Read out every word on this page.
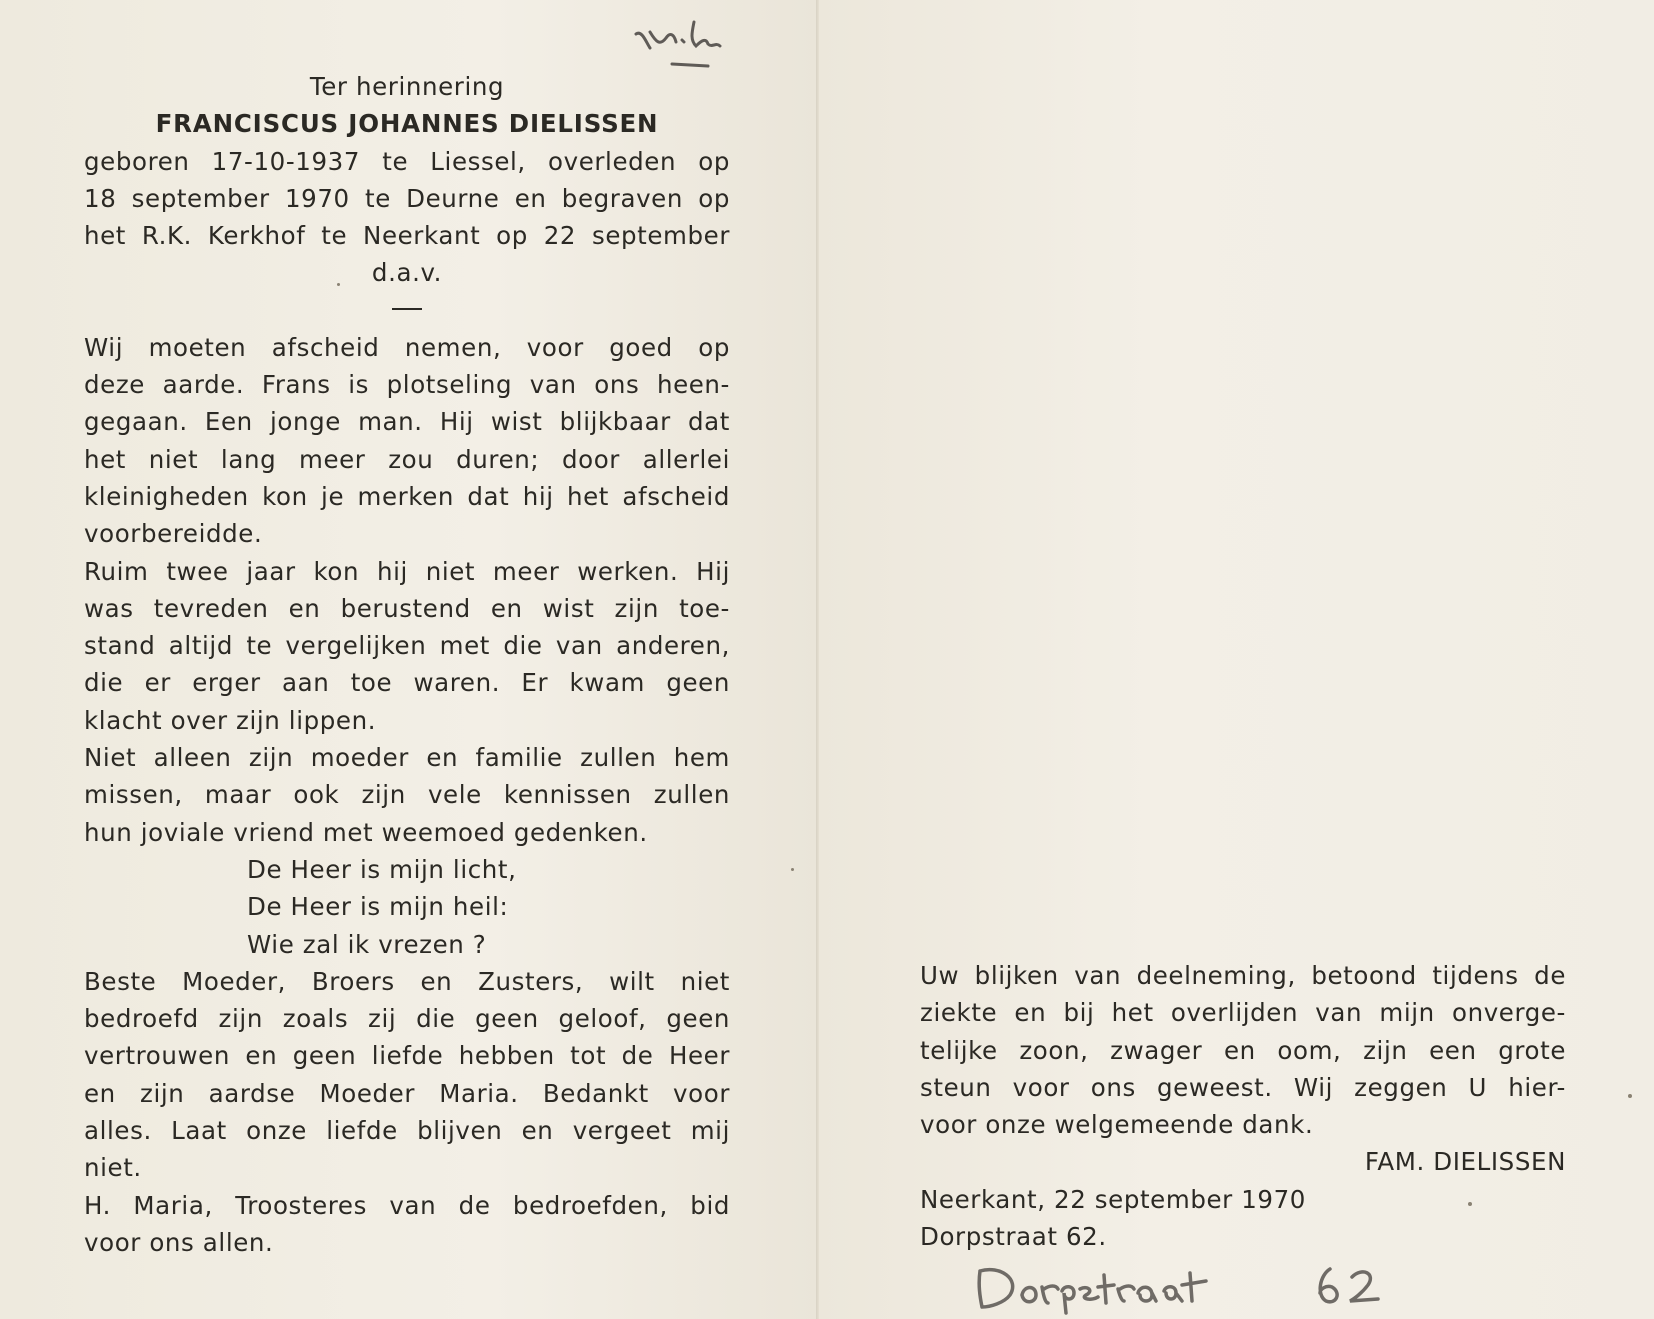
Ter herinnering
FRANCISCUS JOHANNES DIELISSEN
geboren 17-10-1937 te Liessel, overleden op
18 september 1970 te Deurne en begraven op
het R.K. Kerkhof te Neerkant op 22 september
d.a.v.
Wij moeten afscheid nemen, voor goed op
deze aarde. Frans is plotseling van ons heen-
gegaan. Een jonge man. Hij wist blijkbaar dat
het niet lang meer zou duren; door allerlei
kleinigheden kon je merken dat hij het afscheid
voorbereidde.
Ruim twee jaar kon hij niet meer werken. Hij
was tevreden en berustend en wist zijn toe-
stand altijd te vergelijken met die van anderen,
die er erger aan toe waren. Er kwam geen
klacht over zijn lippen.
Niet alleen zijn moeder en familie zullen hem
missen, maar ook zijn vele kennissen zullen
hun joviale vriend met weemoed gedenken.
De Heer is mijn licht,
De Heer is mijn heil:
Wie zal ik vrezen ?
Beste Moeder, Broers en Zusters, wilt niet
bedroefd zijn zoals zij die geen geloof, geen
vertrouwen en geen liefde hebben tot de Heer
en zijn aardse Moeder Maria. Bedankt voor
alles. Laat onze liefde blijven en vergeet mij
niet.
H. Maria, Troosteres van de bedroefden, bid
voor ons allen.
Uw blijken van deelneming, betoond tijdens de
ziekte en bij het overlijden van mijn onverge-
telijke zoon, zwager en oom, zijn een grote
steun voor ons geweest. Wij zeggen U hier-
voor onze welgemeende dank.
FAM. DIELISSEN
Neerkant, 22 september 1970
Dorpstraat 62.
